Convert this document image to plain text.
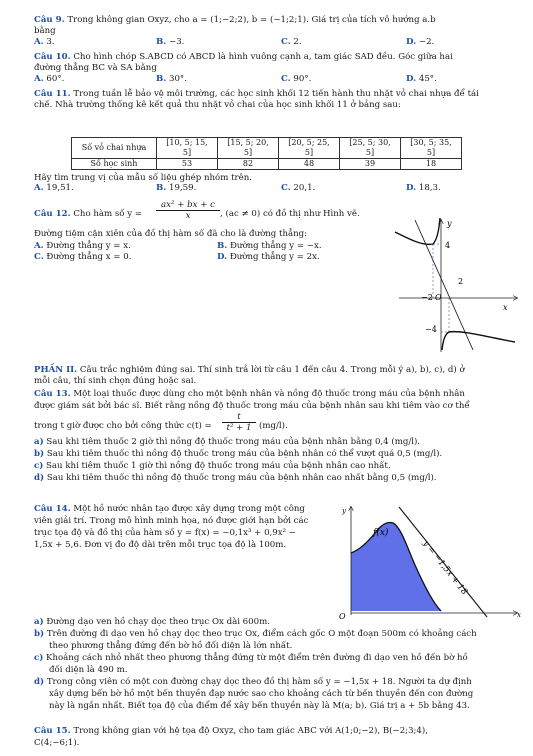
Câu 9. Trong không gian Oxyz, cho a = (1;−2;2), b = (−1;2;1). Giá trị của tích vô hướng a.b
bằng
A. 3.	B. −3.	C. 2.	D. −2.
Câu 10. Cho hình chóp S.ABCD có ABCD là hình vuông cạnh a, tam giác SAD đều. Góc giữa hai
đường thẳng BC và SA bằng
A. 60°.	B. 30°.	C. 90°.	D. 45°.
Câu 11. Trong tuần lễ bảo vệ môi trường, các học sinh khối 12 tiến hành thu nhặt vỏ chai nhựa để tái
chế. Nhà trường thống kê kết quả thu nhặt vỏ chai của học sinh khối 11 ở bảng sau:
Số vỏ chai nhựa	[10, 5; 15, 5]	[15, 5; 20, 5]	[20, 5; 25, 5]	[25, 5; 30, 5]	[30, 5; 35, 5]
Số học sinh	53	82	48	39	18
Hãy tìm trung vị của mẫu số liệu ghép nhóm trên.
A. 19,51.	B. 19,59.	C. 20,1.	D. 18,3.
Câu 12. Cho hàm số $y = \frac{\text{ax² + bx + c}}{x}$ , (ac ≠ 0) có đồ thị như Hình vẽ.
Đường tiệm cận xiên của đồ thị hàm số đã cho là đường thẳng:
A. Đường thẳng y = x.	B. Đường thẳng y = −x.
C. Đường thẳng x = 0.	D. Đường thẳng y = 2x.
−2 O
2
4
−4
y
x
PHẦN II. Câu trắc nghiệm đúng sai. Thí sinh trả lời từ câu 1 đến câu 4. Trong mỗi ý a), b), c), d) ở
mỗi câu, thí sinh chọn đúng hoặc sai.
Câu 13. Một loại thuốc được dùng cho một bệnh nhân và nồng độ thuốc trong máu của bệnh nhân
được giám sát bởi bác sĩ. Biết rằng nồng độ thuốc trong máu của bệnh nhân sau khi tiêm vào cơ thể
trong t giờ được cho bởi công thức $c(t) = \frac{t}{\text{t² + 1}} (mg/l)$.
a) Sau khi tiêm thuốc 2 giờ thì nồng độ thuốc trong máu của bệnh nhân bằng 0,4 (mg/l).
b) Sau khi tiêm thuốc thì nồng độ thuốc trong máu của bệnh nhân có thể vượt quá 0,5 (mg/l).
c) Sau khi tiêm thuốc 1 giờ thì nồng độ thuốc trong máu của bệnh nhân cao nhất.
d) Sau khi tiêm thuốc thì nồng độ thuốc trong máu của bệnh nhân cao nhất bằng 0,5 (mg/l).
Câu 14. Một hồ nước nhân tạo được xây dựng trong một công
viên giải trí. Trong mô hình minh họa, nó được giới hạn bởi các
trục tọa độ và đồ thị của hàm số y = f(x) = −0,1x³ + 0,9x² −
1,5x + 5,6. Đơn vị đo độ dài trên mỗi trục tọa độ là 100m.
f(x)
O
y
x
y = −1,5x + 18
a) Đường dạo ven hồ chạy dọc theo trục Ox dài 600m.
b) Trên đường đi dạo ven hồ chạy dọc theo trục Ox, điểm cách gốc O một đoạn 500m có khoảng cách
theo phương thẳng đứng đến bờ hồ đối diện là lớn nhất.
c) Khoảng cách nhỏ nhất theo phương thẳng đứng từ một điểm trên đường đi dạo ven hồ đến bờ hồ
đối diện là 490 m.
d) Trong công viên có một con đường chạy dọc theo đồ thị hàm số y = −1,5x + 18. Người ta dự định
xây dựng bến bờ hồ một bến thuyền đạp nước sao cho khoảng cách từ bến thuyền đến con đường
này là ngắn nhất. Biết tọa độ của điểm để xây bến thuyền này là M(a; b). Giá trị a + 5b bằng 43.
Câu 15. Trong không gian với hệ tọa độ Oxyz, cho tam giác ABC với A(1;0;−2), B(−2;3;4),
C(4;−6;1).
